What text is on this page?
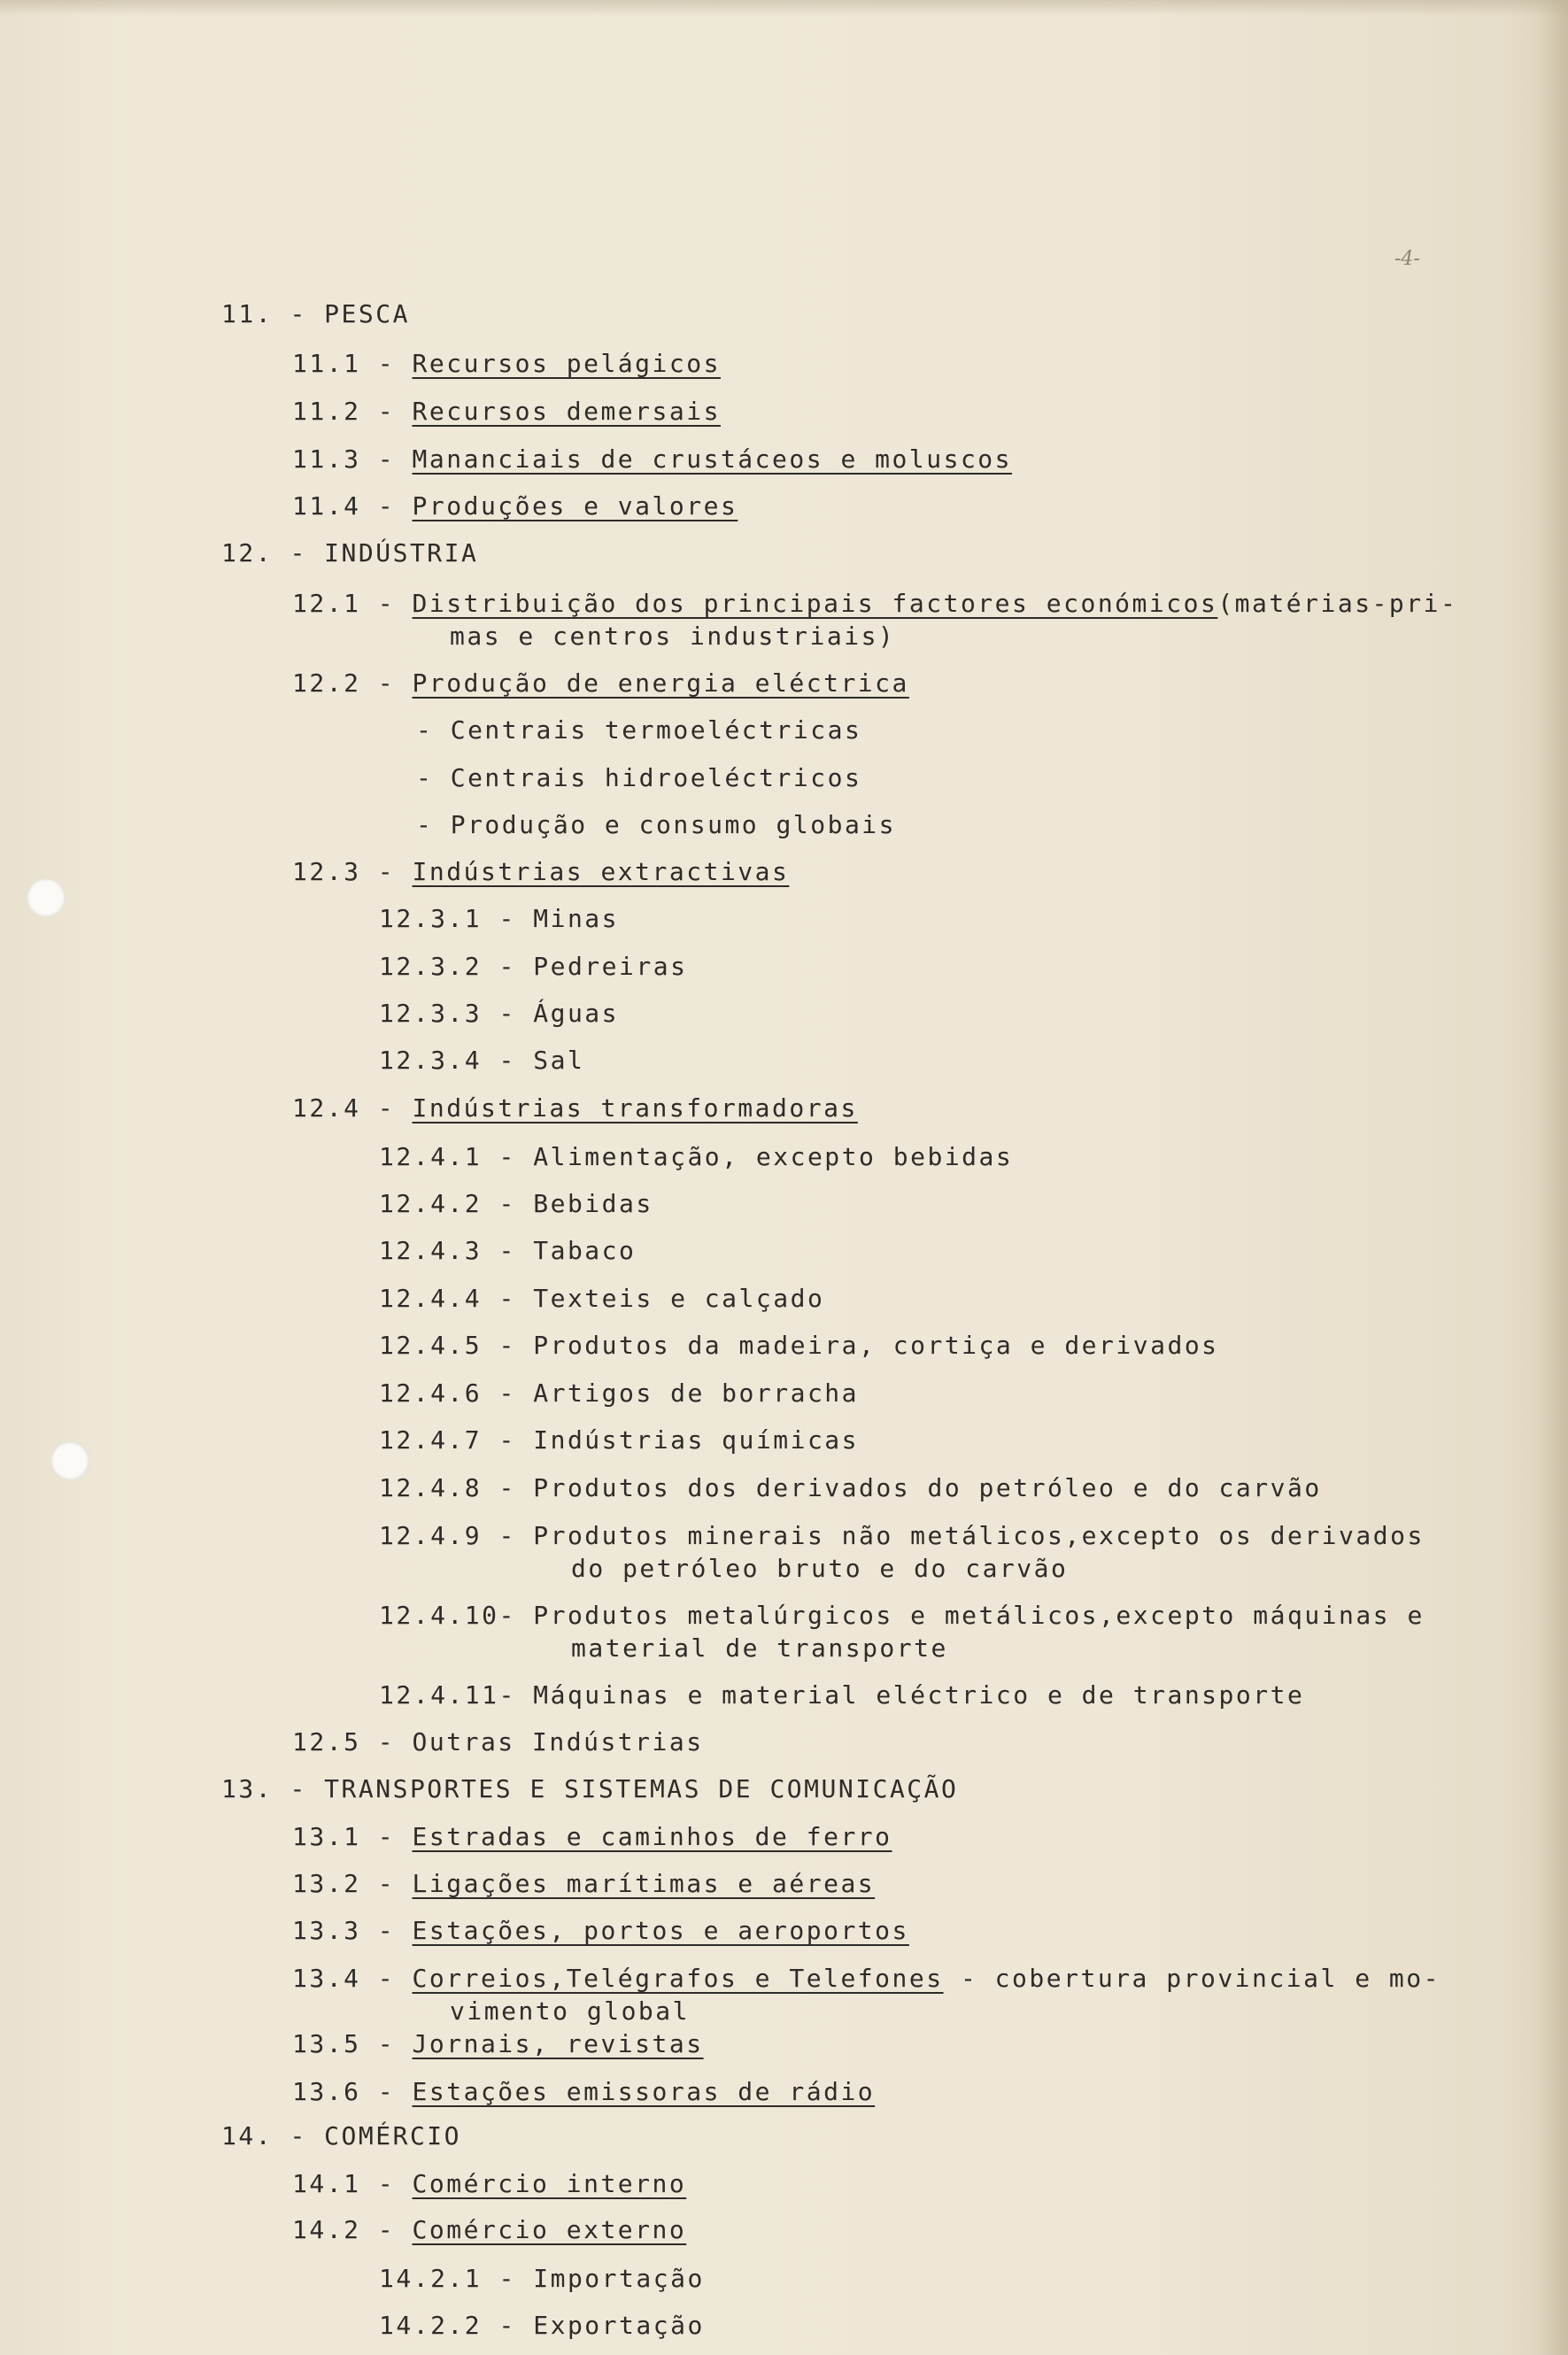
-4-
11. - PESCA
11.1 - Recursos pelágicos
11.2 - Recursos demersais
11.3 - Mananciais de crustáceos e moluscos
11.4 - Produções e valores
12. - INDÚSTRIA
12.1 - Distribuição dos principais factores económicos(matérias-pri-
mas e centros industriais)
12.2 - Produção de energia eléctrica
- Centrais termoeléctricas
- Centrais hidroeléctricos
- Produção e consumo globais
12.3 - Indústrias extractivas
12.3.1 - Minas
12.3.2 - Pedreiras
12.3.3 - Águas
12.3.4 - Sal
12.4 - Indústrias transformadoras
12.4.1 - Alimentação, excepto bebidas
12.4.2 - Bebidas
12.4.3 - Tabaco
12.4.4 - Texteis e calçado
12.4.5 - Produtos da madeira, cortiça e derivados
12.4.6 - Artigos de borracha
12.4.7 - Indústrias químicas
12.4.8 - Produtos dos derivados do petróleo e do carvão
12.4.9 - Produtos minerais não metálicos,excepto os derivados
do petróleo bruto e do carvão
12.4.10- Produtos metalúrgicos e metálicos,excepto máquinas e
material de transporte
12.4.11- Máquinas e material eléctrico e de transporte
12.5 - Outras Indústrias
13. - TRANSPORTES E SISTEMAS DE COMUNICAÇÃO
13.1 - Estradas e caminhos de ferro
13.2 - Ligações marítimas e aéreas
13.3 - Estações, portos e aeroportos
13.4 - Correios,Telégrafos e Telefones - cobertura provincial e mo-
vimento global
13.5 - Jornais, revistas
13.6 - Estações emissoras de rádio
14. - COMÉRCIO
14.1 - Comércio interno
14.2 - Comércio externo
14.2.1 - Importação
14.2.2 - Exportação
